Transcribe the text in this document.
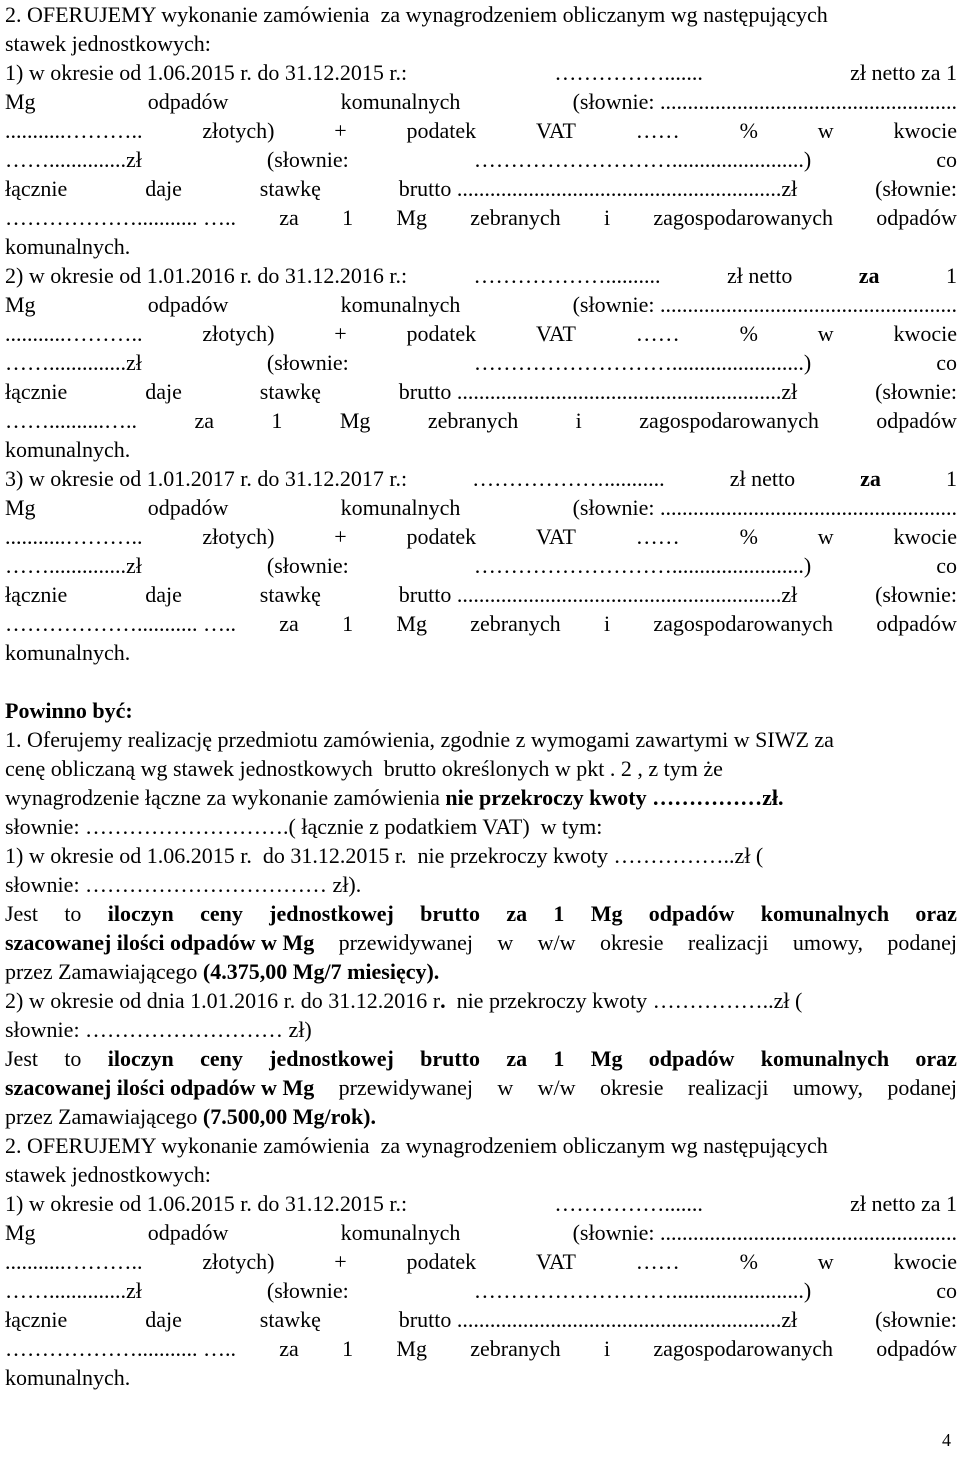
2. OFERUJEMY wykonanie zamówienia  za wynagrodzeniem obliczanym wg następujących
stawek jednostkowych:
1) w okresie od 1.06.2015 r. do 31.12.2015 r.:	…………….......	zł netto za 1
Mg	odpadów	komunalnych	(słownie: ......................................................
...........………..	złotych)	+	podatek	VAT	……	%	w	kwocie
……..............zł	(słownie:	………………………........................)	co
łącznie	daje	stawkę	brutto ...........................................................zł	(słownie:
………………........... ….. za 1 Mg zebranych i zagospodarowanych odpadów
komunalnych.
2) w okresie od 1.01.2016 r. do 31.12.2016 r.:	………………..........	zł netto	za	1
Mg	odpadów	komunalnych	(słownie: ......................................................
...........………..	złotych)	+	podatek	VAT	……	%	w	kwocie
……..............zł	(słownie:	………………………........................)	co
łącznie	daje	stawkę	brutto ...........................................................zł	(słownie:
……..........…..	za	1	Mg	zebranych	i	zagospodarowanych	odpadów
komunalnych.
3) w okresie od 1.01.2017 r. do 31.12.2017 r.:	………………...........	zł netto	za	1
Mg	odpadów	komunalnych	(słownie: ......................................................
...........………..	złotych)	+	podatek	VAT	……	%	w	kwocie
……..............zł	(słownie:	………………………........................)	co
łącznie	daje	stawkę	brutto ...........................................................zł	(słownie:
………………........... ….. za 1 Mg zebranych i zagospodarowanych odpadów
komunalnych.
Powinno być:
1. Oferujemy realizację przedmiotu zamówienia, zgodnie z wymogami zawartymi w SIWZ za
cenę obliczaną wg stawek jednostkowych  brutto określonych w pkt . 2 , z tym że
wynagrodzenie łączne za wykonanie zamówienia nie przekroczy kwoty ……………zł.
słownie: ……………………….( łącznie z podatkiem VAT)  w tym:
1) w okresie od 1.06.2015 r.  do 31.12.2015 r.  nie przekroczy kwoty ……………..zł (
słownie: …………………………… zł).
Jest to iloczyn ceny jednostkowej brutto za 1 Mg odpadów komunalnych oraz
szacowanej ilości odpadów w Mg przewidywanej w w/w okresie realizacji umowy, podanej
przez Zamawiającego (4.375,00 Mg/7 miesięcy).
2) w okresie od dnia 1.01.2016 r. do 31.12.2016 r . nie przekroczy kwoty ……………..zł (
słownie: ……………………… zł)
Jest to iloczyn ceny jednostkowej brutto za 1 Mg odpadów komunalnych oraz
szacowanej ilości odpadów w Mg przewidywanej w w/w okresie realizacji umowy, podanej
przez Zamawiającego (7.500,00 Mg/rok).
2. OFERUJEMY wykonanie zamówienia  za wynagrodzeniem obliczanym wg następujących
stawek jednostkowych:
1) w okresie od 1.06.2015 r. do 31.12.2015 r.:	…………….......	zł netto za 1
Mg	odpadów	komunalnych	(słownie: ......................................................
...........………..	złotych)	+	podatek	VAT	……	%	w	kwocie
……..............zł	(słownie:	………………………........................)	co
łącznie	daje	stawkę	brutto ...........................................................zł	(słownie:
………………........... ….. za 1 Mg zebranych i zagospodarowanych odpadów
komunalnych.
4
